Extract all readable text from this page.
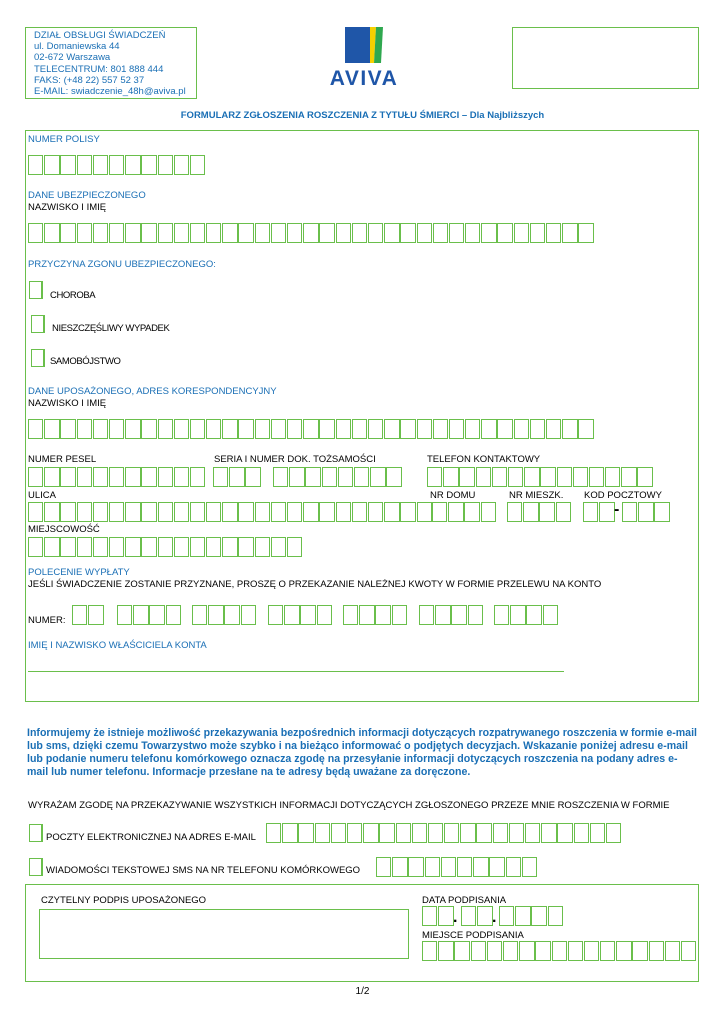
DZIAŁ OBSŁUGI ŚWIADCZEŃ
ul. Domaniewska 44
02-672 Warszawa
TELECENTRUM: 801 888 444
FAKS: (+48 22) 557 52 37
E-MAIL: swiadczenie_48h@aviva.pl
AVIVA
FORMULARZ ZGŁOSZENIA ROSZCZENIA Z TYTUŁU ŚMIERCI – Dla Najbliższych
NUMER POLISY
DANE UBEZPIECZONEGO
NAZWISKO I IMIĘ
PRZYCZYNA ZGONU UBEZPIECZONEGO:
CHOROBA
NIESZCZĘŚLIWY WYPADEK
SAMOBÓJSTWO
DANE UPOSAŻONEGO, ADRES KORESPONDENCYJNY
NAZWISKO I IMIĘ
NUMER PESEL	SERIA I NUMER DOK. TOŻSAMOŚCI	TELEFON KONTAKTOWY
ULICA	NR DOMU	NR MIESZK. KOD POCZTOWY
-
MIEJSCOWOŚĆ
POLECENIE WYPŁATY
JEŚLI ŚWIADCZENIE ZOSTANIE PRZYZNANE, PROSZĘ O PRZEKAZANIE NALEŻNEJ KWOTY W FORMIE PRZELEWU NA KONTO
NUMER:
IMIĘ I NAZWISKO WŁAŚCICIELA KONTA
Informujemy że istnieje możliwość przekazywania bezpośrednich informacji dotyczących rozpatrywanego roszczenia w formie e-mail lub sms, dzięki czemu Towarzystwo może szybko i na bieżąco informować o podjętych decyzjach. Wskazanie poniżej adresu e-mail lub podanie numeru telefonu komórkowego oznacza zgodę na przesyłanie informacji dotyczących roszczenia na podany adres e-mail lub numer telefonu. Informacje przesłane na te adresy będą uważane za doręczone.
WYRAŻAM ZGODĘ NA PRZEKAZYWANIE WSZYSTKICH INFORMACJI DOTYCZĄCYCH ZGŁOSZONEGO PRZEZE MNIE ROSZCZENIA W FORMIE
POCZTY ELEKTRONICZNEJ NA ADRES E-MAIL
WIADOMOŚCI TEKSTOWEJ SMS NA NR TELEFONU KOMÓRKOWEGO
CZYTELNY PODPIS UPOSAŻONEGO	DATA PODPISANIA
. .
MIEJSCE PODPISANIA
1/2
